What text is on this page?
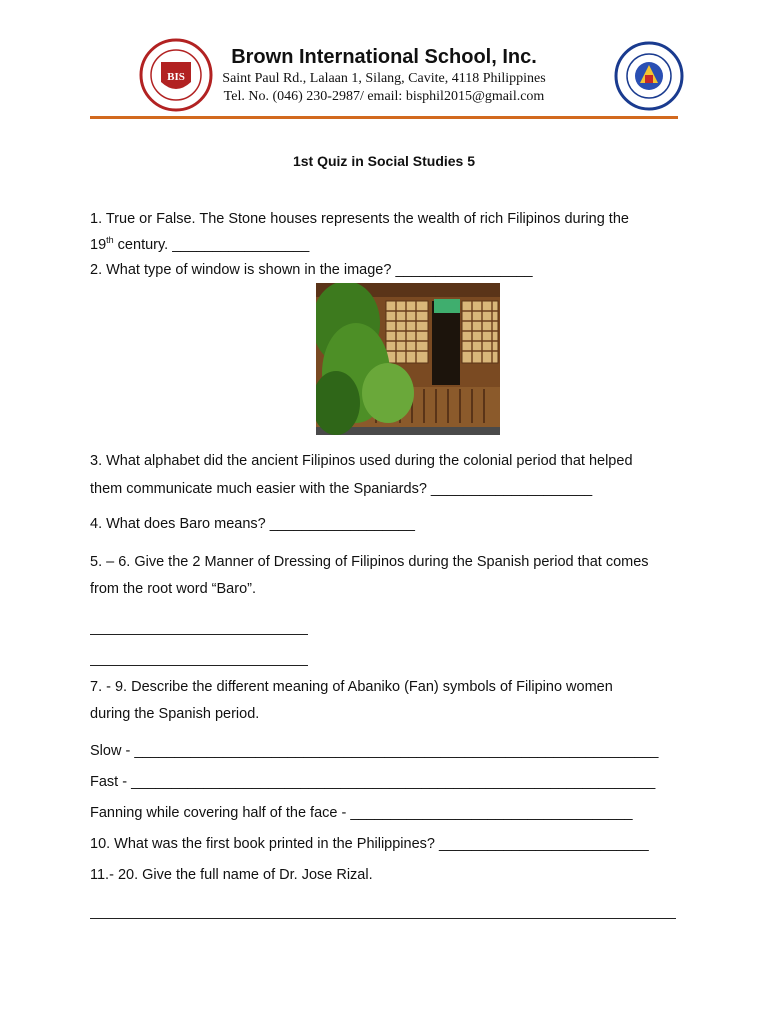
BIS
Brown International School, Inc.
Saint Paul Rd., Lalaan 1, Silang, Cavite, 4118 Philippines
Tel. No. (046) 230-2987/ email: bisphil2015@gmail.com
1st Quiz in Social Studies 5
1. True or False. The Stone houses represents the wealth of rich Filipinos during the
19th century. _________________
2. What type of window is shown in the image? _________________
3. What alphabet did the ancient Filipinos used during the colonial period that helped
them communicate much easier with the Spaniards? ____________________
4. What does Baro means? __________________
5. – 6. Give the 2 Manner of Dressing of Filipinos during the Spanish period that comes
from the root word “Baro”.
7. - 9. Describe the different meaning of Abaniko (Fan) symbols of Filipino women
during the Spanish period.
Slow - _________________________________________________________________
Fast - _________________________________________________________________
Fanning while covering half of the face - ___________________________________
10. What was the first book printed in the Philippines? __________________________
11.- 20. Give the full name of Dr. Jose Rizal.
